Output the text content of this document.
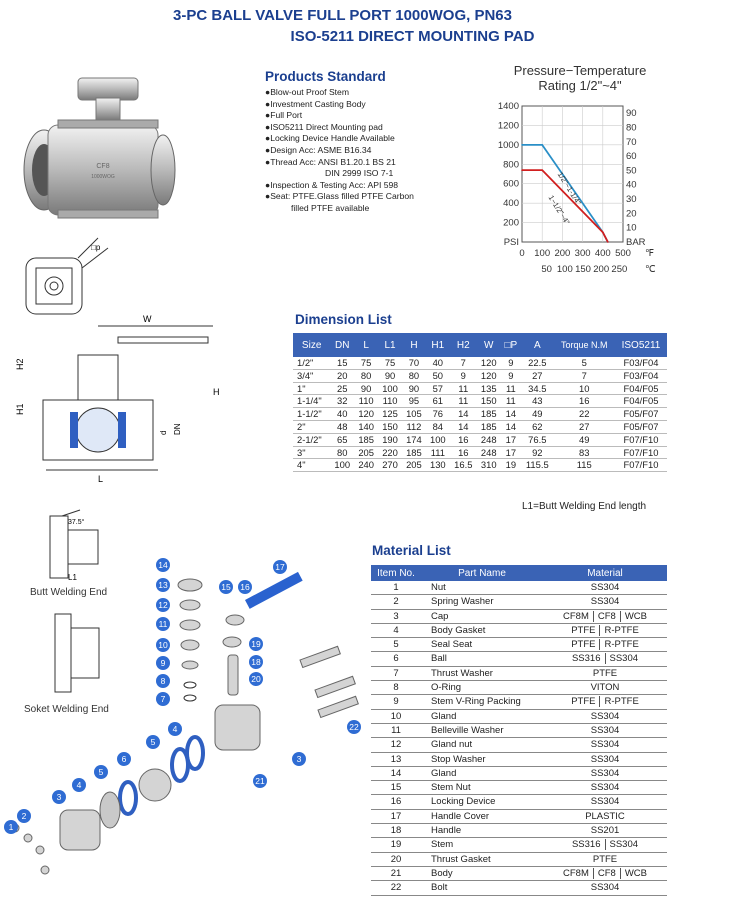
3-PC BALL VALVE FULL PORT 1000WOG, PN63
ISO-5211 DIRECT MOUNTING PAD
CF8
1000WOG
Products Standard
●Blow-out Proof Stem
●Investment Casting Body
●Full Port
●ISO5211 Direct Mounting pad
●Locking Device Handle Available
●Design Acc: ASME B16.34
●Thread Acc: ANSI B1.20.1 BS 21
DIN 2999 ISO 7-1
●Inspection & Testing Acc: API 598
●Seat: PTFE.Glass filled PTFE Carbon
filled PTFE available
Pressure−Temperature
Rating 1/2"~4"
1400
1200
1000
800
600
400
200
PSI
90
80
70
60
50
40
30
20
10
BAR
0 100 200 300 400 500 ℉
50 100 150 200 250 ℃
1/2"~1-1/4"
1−1/2"~4"
□p
W
H2
H1
H
L
d DN
Dimension List
Size	DN	L	L1	H	H1	H2	W	□P	A	Torque N.M	ISO5211
1/2"	15	75	75	70	40	7	120	9	22.5	5	F03/F04
3/4"	20	80	90	80	50	9	120	9	27	7	F03/F04
1"	25	90	100	90	57	11	135	11	34.5	10	F04/F05
1-1/4"	32	110	110	95	61	11	150	11	43	16	F04/F05
1-1/2"	40	120	125	105	76	14	185	14	49	22	F05/F07
2"	48	140	150	112	84	14	185	14	62	27	F05/F07
2-1/2"	65	185	190	174	100	16	248	17	76.5	49	F07/F10
3"	80	205	220	185	111	16	248	17	92	83	F07/F10
4"	100	240	270	205	130	16.5	310	19	115.5	115	F07/F10
L1=Butt Welding End length
37.5°
L1
Butt Welding End
Soket Welding End
1
2
3
3
4
5
6
5
4
7
8
9
10
11
12
13
14
15 16
17
18
19
20
21
22
Material List
Item No.	Part Name	Material
1	Nut	SS304
2	Spring Washer	SS304
3	Cap	CF8M CF8 WCB
4	Body Gasket	PTFE R-PTFE
5	Seal Seat	PTFE R-PTFE
6	Ball	SS316 SS304
7	Thrust Washer	PTFE
8	O-Ring	VITON
9	Stem V-Ring Packing	PTFE R-PTFE
10	Gland	SS304
11	Belleville Washer	SS304
12	Gland nut	SS304
13	Stop Washer	SS304
14	Gland	SS304
15	Stem Nut	SS304
16	Locking Device	SS304
17	Handle Cover	PLASTIC
18	Handle	SS201
19	Stem	SS316 SS304
20	Thrust Gasket	PTFE
21	Body	CF8M CF8 WCB
22	Bolt	SS304
